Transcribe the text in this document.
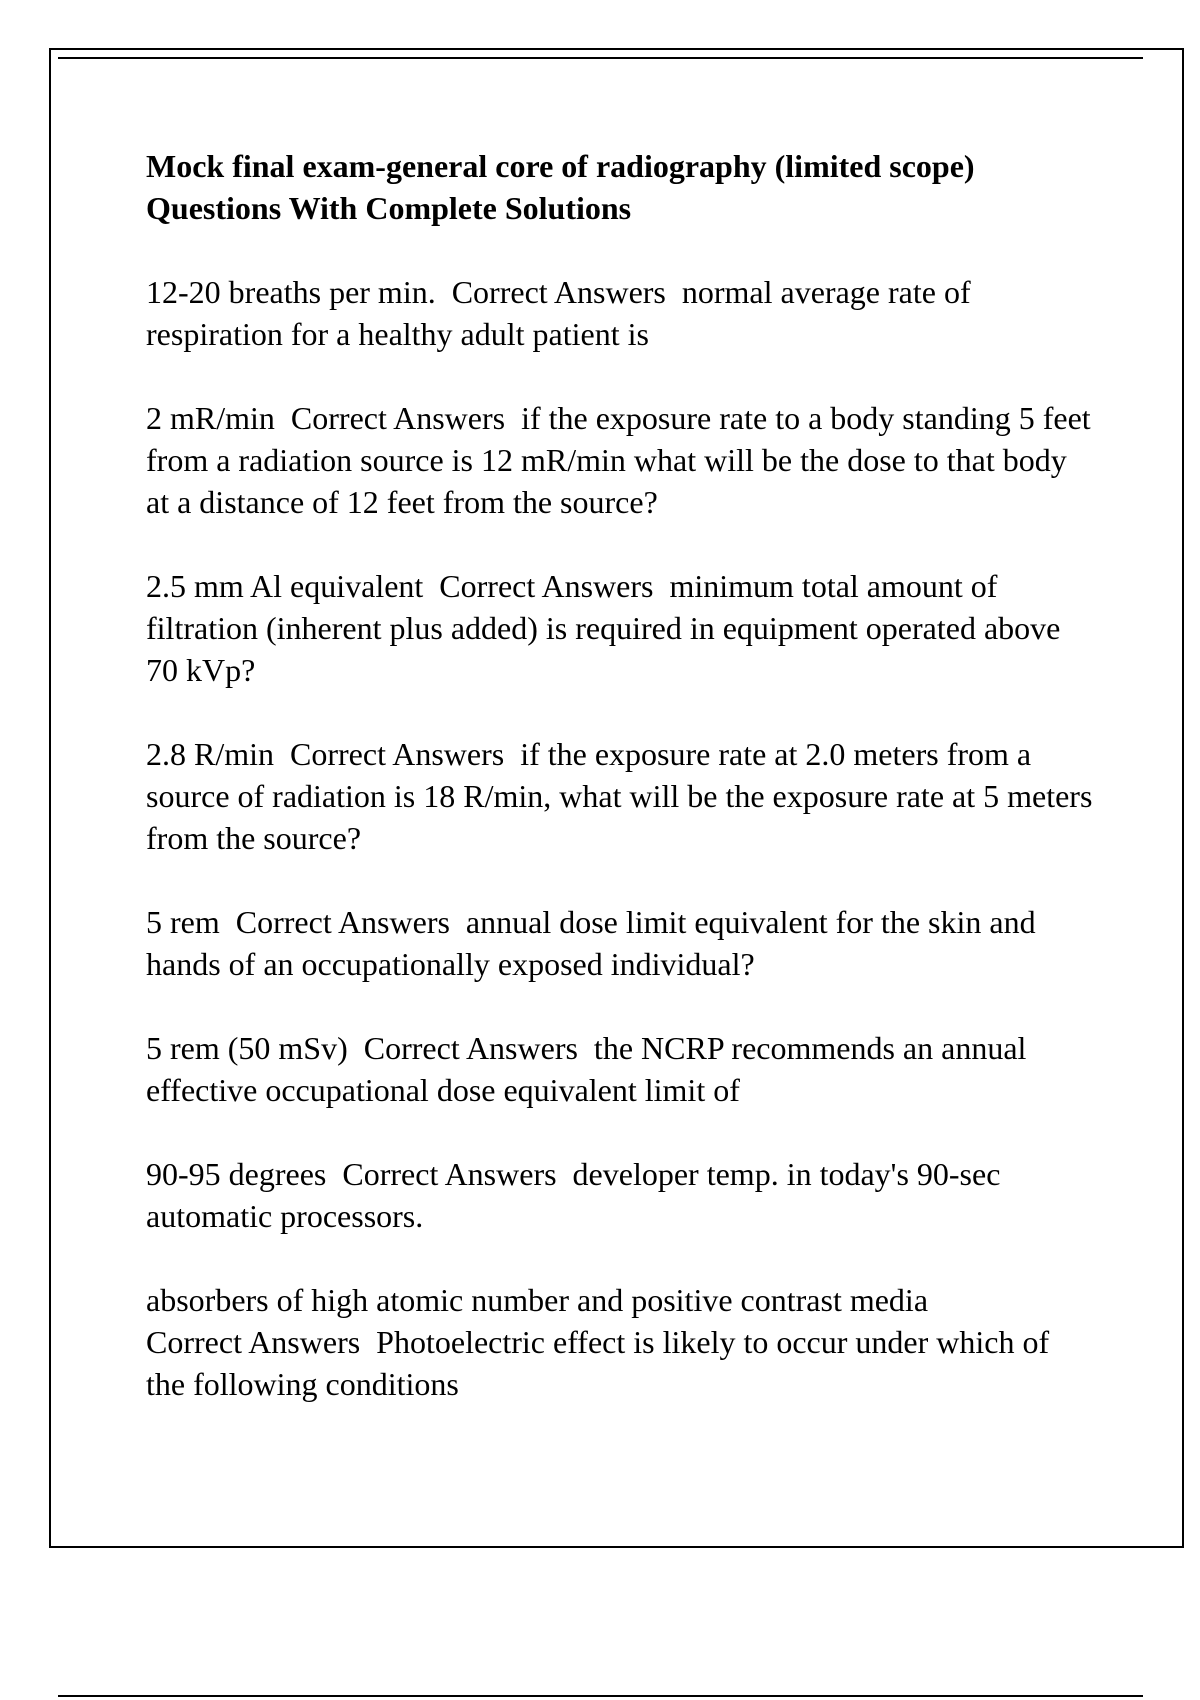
Mock final exam-general core of radiography (limited scope)
Questions With Complete Solutions

12-20 breaths per min. Correct Answers normal average rate of respiration for a healthy adult patient is

2 mR/min Correct Answers if the exposure rate to a body standing 5 feet from a radiation source is 12 mR/min what will be the dose to that body at a distance of 12 feet from the source?

2.5 mm Al equivalent Correct Answers minimum total amount of filtration (inherent plus added) is required in equipment operated above 70 kVp?

2.8 R/min Correct Answers if the exposure rate at 2.0 meters from a source of radiation is 18 R/min, what will be the exposure rate at 5 meters from the source?

5 rem Correct Answers annual dose limit equivalent for the skin and hands of an occupationally exposed individual?

5 rem (50 mSv) Correct Answers the NCRP recommends an annual effective occupational dose equivalent limit of

90-95 degrees Correct Answers developer temp. in today's 90-sec automatic processors.

absorbers of high atomic number and positive contrast media
Correct Answers Photoelectric effect is likely to occur under which of the following conditions
